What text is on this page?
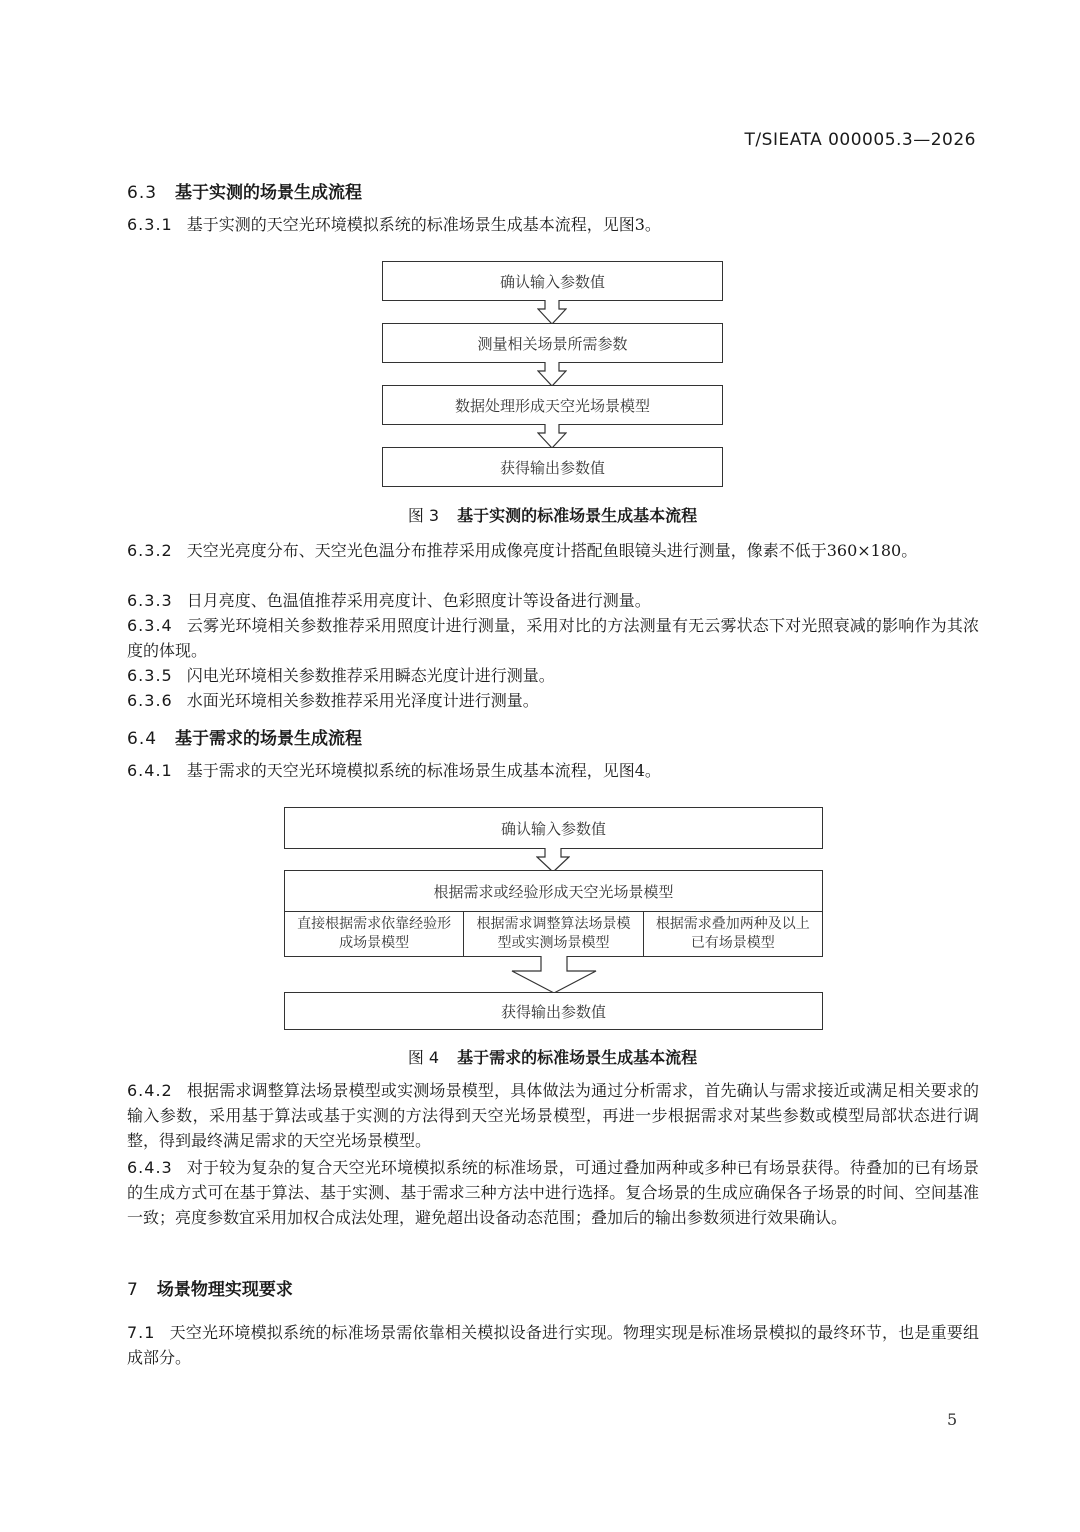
T/SIEATA 000005.3—2026
6.3 基于实测的场景生成流程
6.3.1 基于实测的天空光环境模拟系统的标准场景生成基本流程，见图3。
确认输入参数值
测量相关场景所需参数
数据处理形成天空光场景模型
获得输出参数值
图 3 基于实测的标准场景生成基本流程
6.3.2 天空光亮度分布、天空光色温分布推荐采用成像亮度计搭配鱼眼镜头进行测量，像素不低于360×180。
6.3.3 日月亮度、色温值推荐采用亮度计、色彩照度计等设备进行测量。
6.3.4 云雾光环境相关参数推荐采用照度计进行测量，采用对比的方法测量有无云雾状态下对光照衰减的影响作为其浓度的体现。
6.3.5 闪电光环境相关参数推荐采用瞬态光度计进行测量。
6.3.6 水面光环境相关参数推荐采用光泽度计进行测量。
6.4 基于需求的场景生成流程
6.4.1 基于需求的天空光环境模拟系统的标准场景生成基本流程，见图4。
确认输入参数值
根据需求或经验形成天空光场景模型
直接根据需求依靠经验形成场景模型
根据需求调整算法场景模型或实测场景模型
根据需求叠加两种及以上已有场景模型
获得输出参数值
图 4 基于需求的标准场景生成基本流程
6.4.2 根据需求调整算法场景模型或实测场景模型，具体做法为通过分析需求，首先确认与需求接近或满足相关要求的输入参数，采用基于算法或基于实测的方法得到天空光场景模型，再进一步根据需求对某些参数或模型局部状态进行调整，得到最终满足需求的天空光场景模型。
6.4.3 对于较为复杂的复合天空光环境模拟系统的标准场景，可通过叠加两种或多种已有场景获得。待叠加的已有场景的生成方式可在基于算法、基于实测、基于需求三种方法中进行选择。复合场景的生成应确保各子场景的时间、空间基准一致；亮度参数宜采用加权合成法处理，避免超出设备动态范围；叠加后的输出参数须进行效果确认。
7 场景物理实现要求
7.1 天空光环境模拟系统的标准场景需依靠相关模拟设备进行实现。物理实现是标准场景模拟的最终环节，也是重要组成部分。
5
